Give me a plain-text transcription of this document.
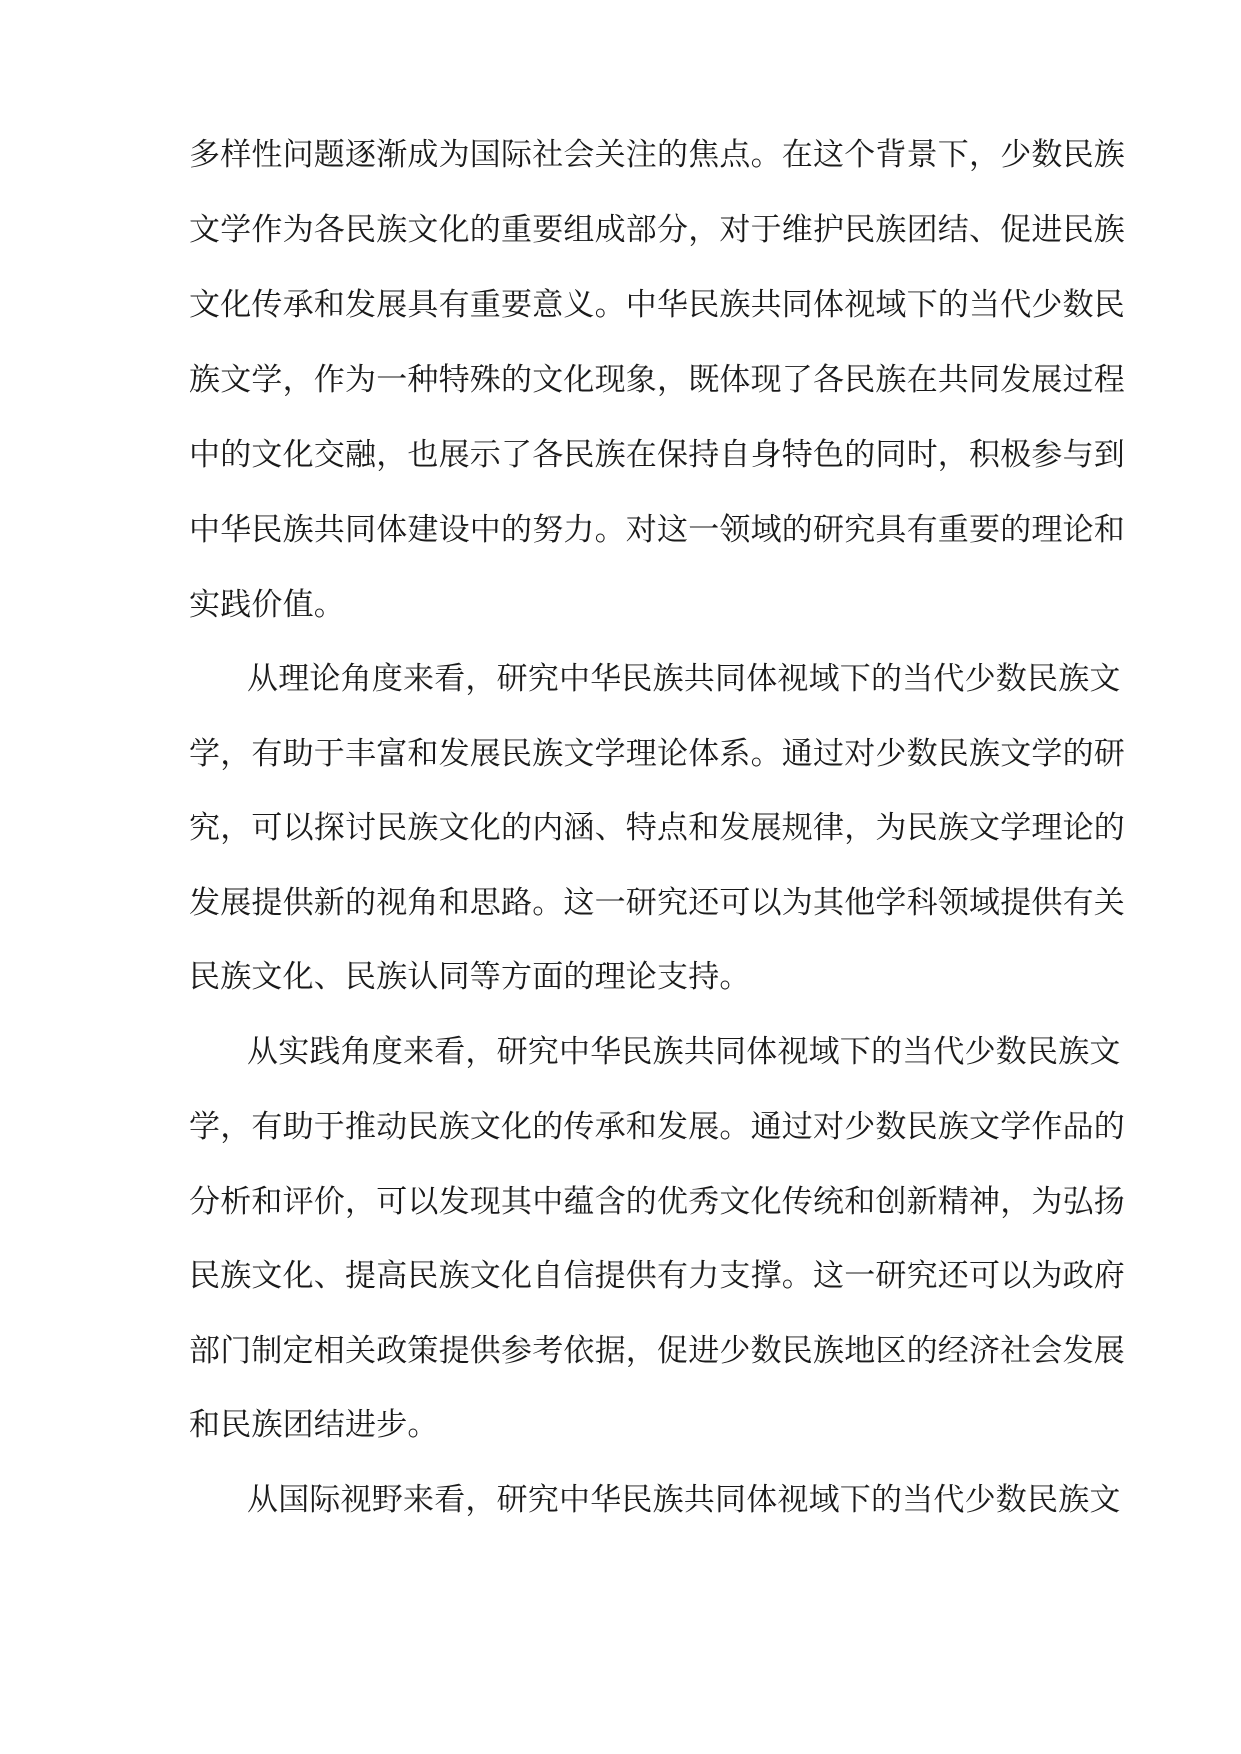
多样性问题逐渐成为国际社会关注的焦点。在这个背景下，少数民族
文学作为各民族文化的重要组成部分，对于维护民族团结、促进民族
文化传承和发展具有重要意义。中华民族共同体视域下的当代少数民
族文学，作为一种特殊的文化现象，既体现了各民族在共同发展过程
中的文化交融，也展示了各民族在保持自身特色的同时，积极参与到
中华民族共同体建设中的努力。对这一领域的研究具有重要的理论和
实践价值。
从理论角度来看，研究中华民族共同体视域下的当代少数民族文
学，有助于丰富和发展民族文学理论体系。通过对少数民族文学的研
究，可以探讨民族文化的内涵、特点和发展规律，为民族文学理论的
发展提供新的视角和思路。这一研究还可以为其他学科领域提供有关
民族文化、民族认同等方面的理论支持。
从实践角度来看，研究中华民族共同体视域下的当代少数民族文
学，有助于推动民族文化的传承和发展。通过对少数民族文学作品的
分析和评价，可以发现其中蕴含的优秀文化传统和创新精神，为弘扬
民族文化、提高民族文化自信提供有力支撑。这一研究还可以为政府
部门制定相关政策提供参考依据，促进少数民族地区的经济社会发展
和民族团结进步。
从国际视野来看，研究中华民族共同体视域下的当代少数民族文
